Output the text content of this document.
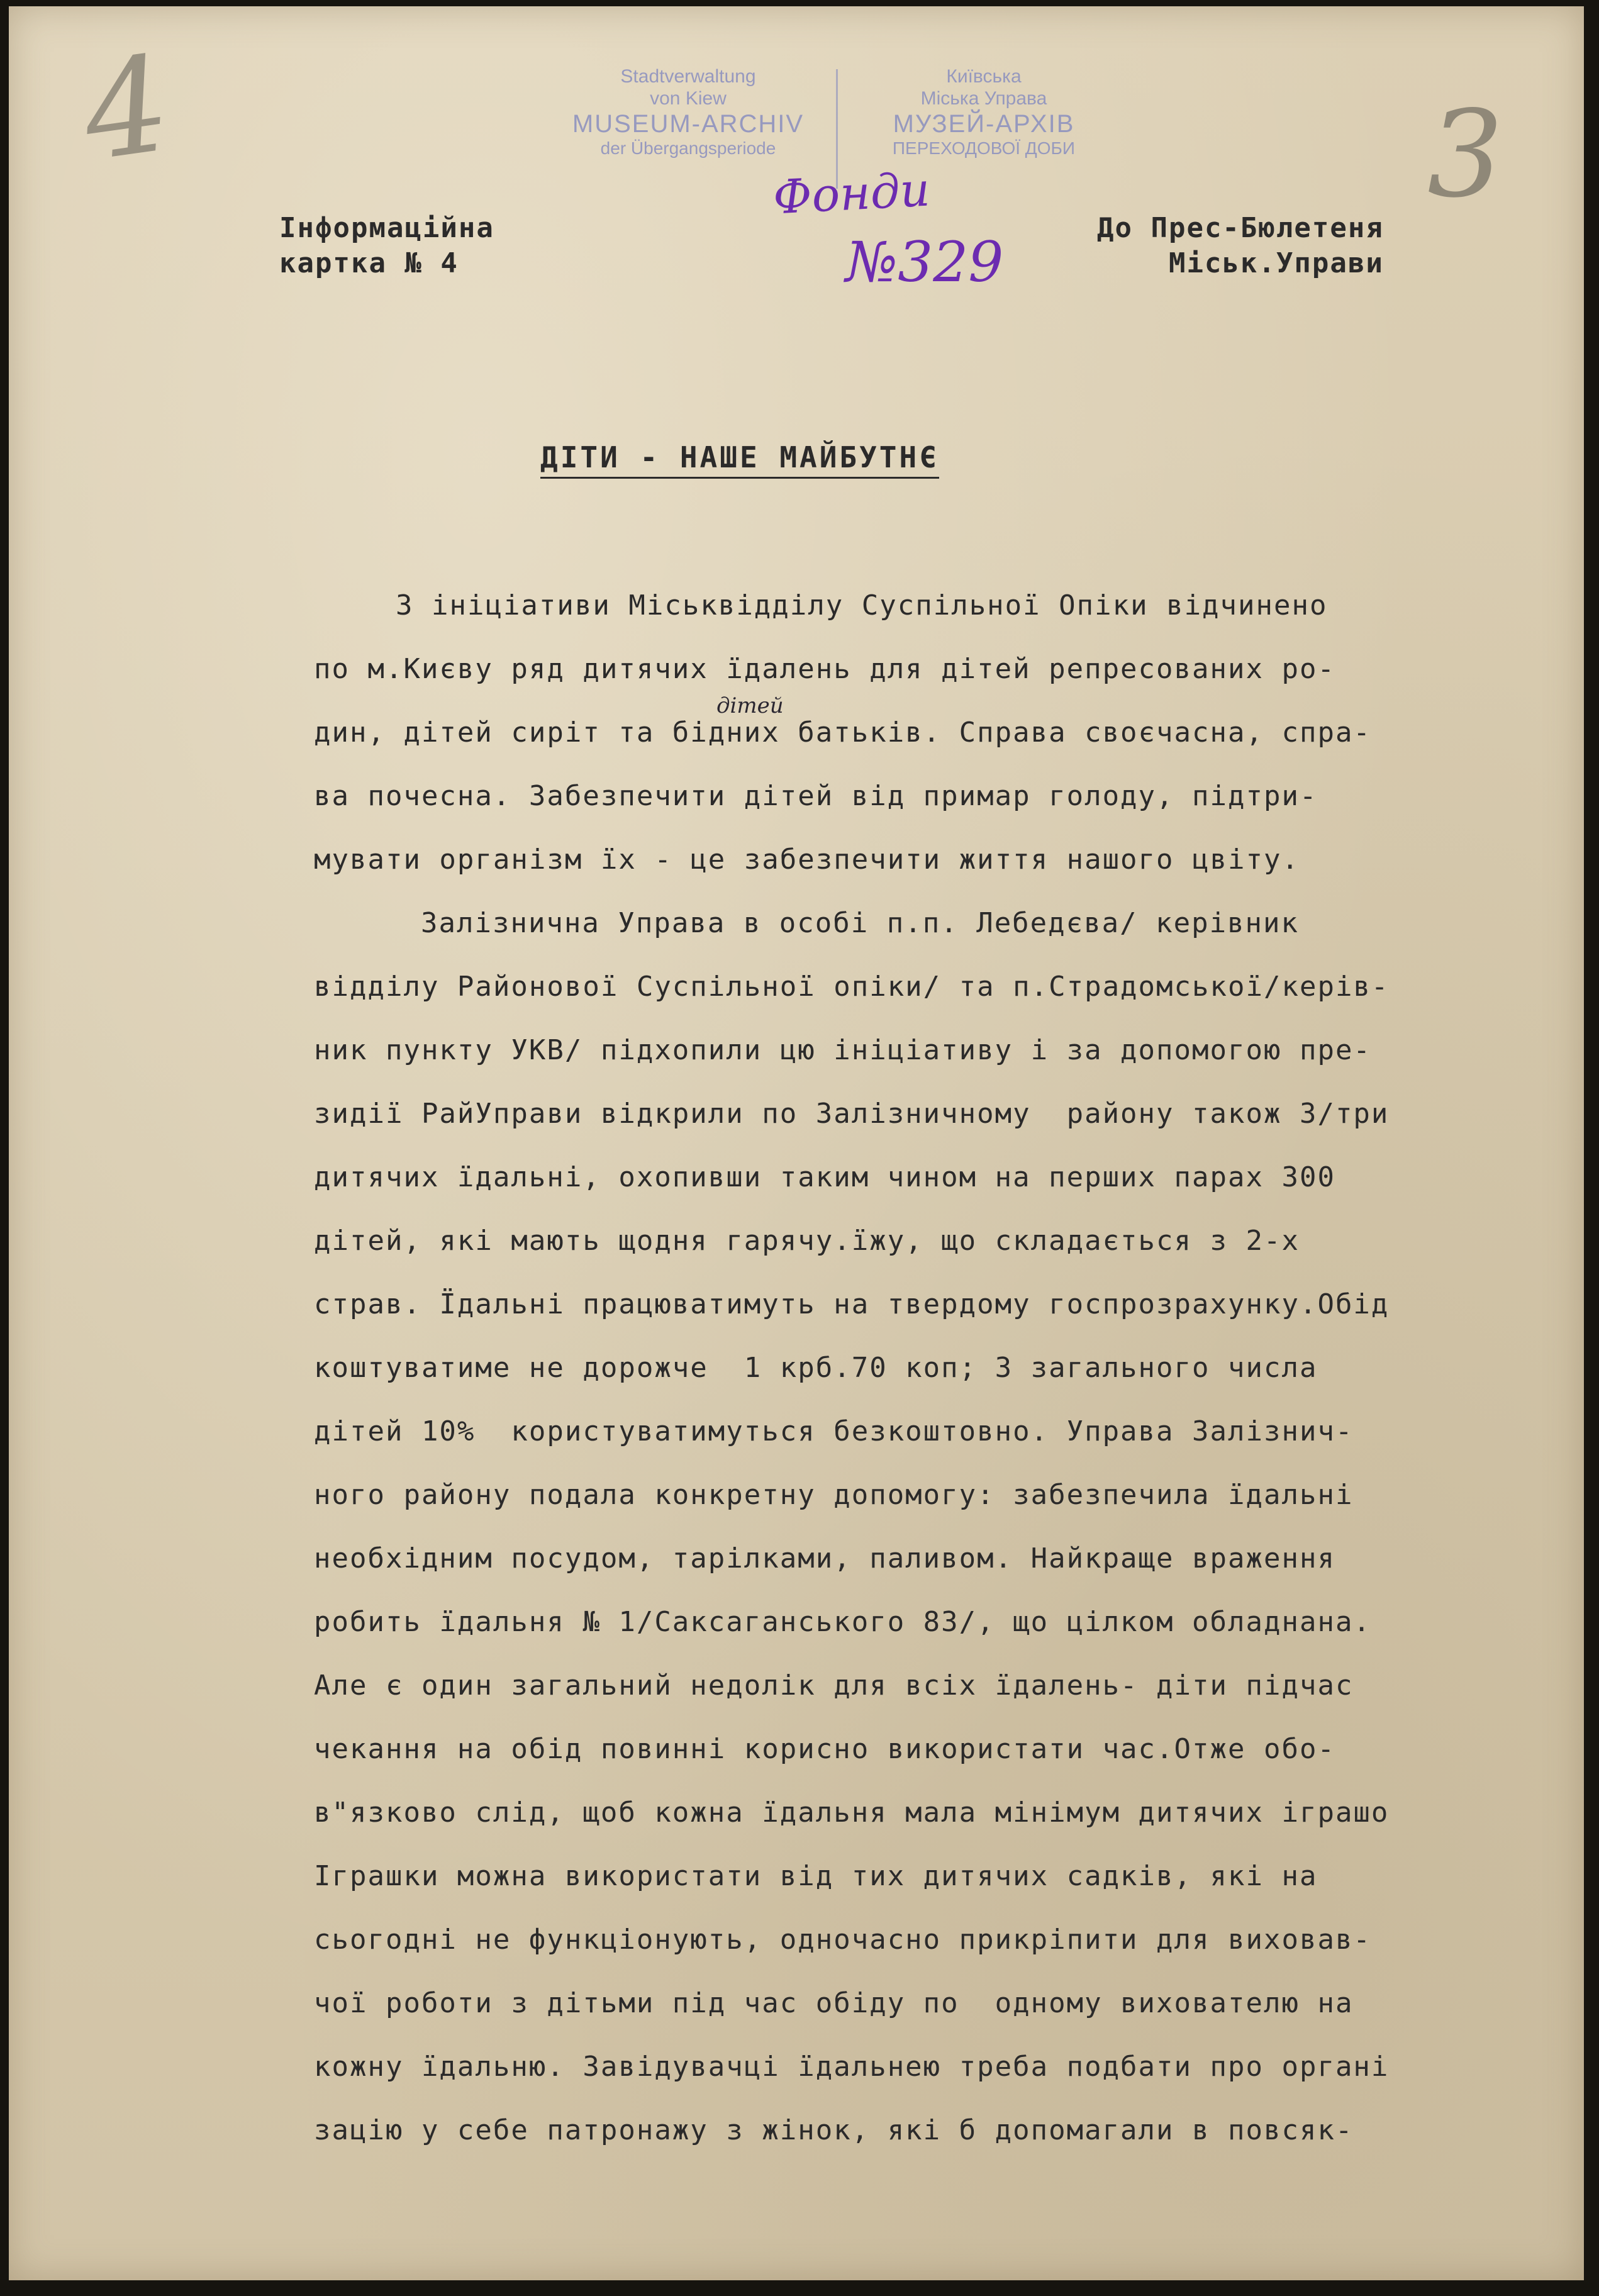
4	3
Stadtverwaltung
von Kiew
MUSEUM-ARCHIV
der Übergangsperiode
Київська
Міська Управа
МУЗЕЙ-АРХІВ
ПЕРЕХОДОВОЇ ДОБИ
Фонди
№329
Інформаційна
картка № 4
До Прес-Бюлетеня
Міськ.Управи
ДІТИ - НАШЕ МАЙБУТНЄ
дітей
З ініціативи Міськвідділу Суспільної Опіки відчинено
по м.Києву ряд дитячих їдалень для дітей репресованих ро-
дин, дітей сиріт та бідних батьків. Справа своєчасна, спра-
ва почесна. Забезпечити дітей від примар голоду, підтри-
мувати організм їх - це забезпечити життя нашого цвіту.
Залізнична Управа в особі п.п. Лебедєва/ керівник
відділу Районової Суспільної опіки/ та п.Страдомської/керів-
ник пункту УКВ/ підхопили цю ініціативу і за допомогою пре-
зидії РайУправи відкрили по Залізничному  району також 3/три
дитячих їдальні, охопивши таким чином на перших парах 300
дітей, які мають щодня гарячу.їжу, що складається з 2-х
страв. Їдальні працюватимуть на твердому госпрозрахунку.Обід
коштуватиме не дорожче  1 крб.70 коп; З загального числа
дітей 10%  користуватимуться безкоштовно. Управа Залізнич-
ного району подала конкретну допомогу: забезпечила їдальні
необхідним посудом, тарілками, паливом. Найкраще враження
робить їдальня № 1/Саксаганського 83/, що цілком обладнана.
Але є один загальний недолік для всіх їдалень- діти підчас
чекання на обід повинні корисно використати час.Отже обо-
в"язково слід, щоб кожна їдальня мала мінімум дитячих іграшо
Іграшки можна використати від тих дитячих садків, які на
сьогодні не функціонують, одночасно прикріпити для виховав-
чої роботи з дітьми під час обіду по  одному вихователю на
кожну їдальню. Завідувачці їдальнею треба подбати про органі
зацію у себе патронажу з жінок, які б допомагали в повсяк-
